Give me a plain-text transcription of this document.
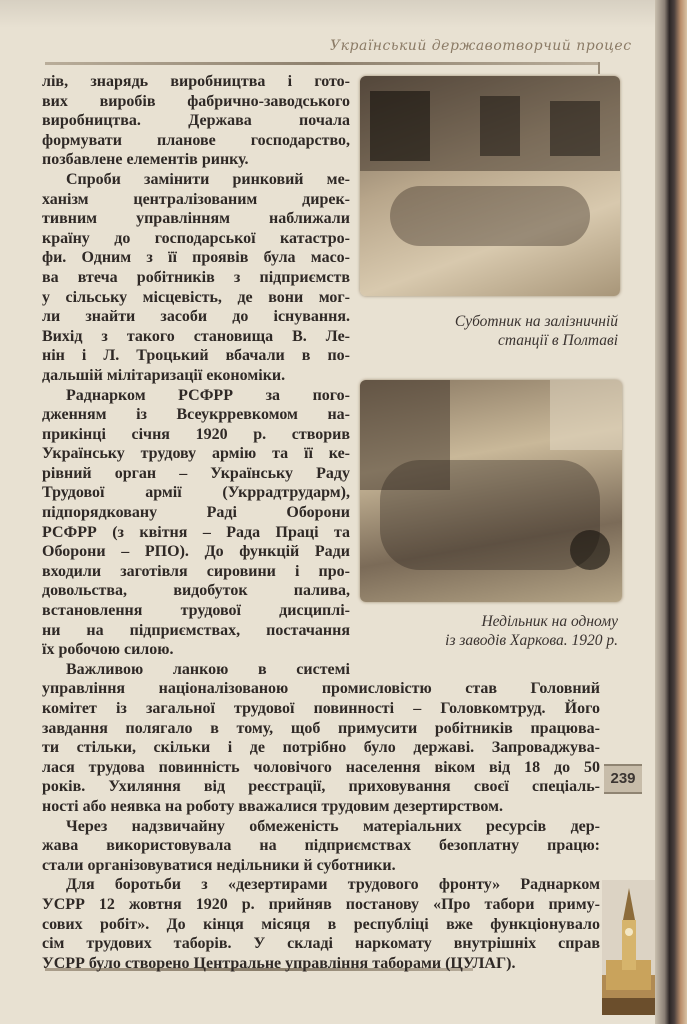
Український державотворчий процес
лів, знарядь виробництва і гото-
вих виробів фабрично-заводського
виробництва. Держава почала
формувати планове господарство,
позбавлене елементів ринку.
Спроби замінити ринковий ме-
ханізм централізованим дирек-
тивним управлінням наближали
країну до господарської катастро-
фи. Одним з її проявів була масо-
ва втеча робітників з підприємств
у сільську місцевість, де вони мог-
ли знайти засоби до існування.
Вихід з такого становища В. Ле-
нін і Л. Троцький вбачали в по-
дальшій мілітаризації економіки.
Раднарком РСФРР за пого-
дженням із Всеукрревкомом на-
прикінці січня 1920 р. створив
Українську трудову армію та її ке-
рівний орган – Українську Раду
Трудової армії (Укррадтрударм),
підпорядковану Раді Оборони
РСФРР (з квітня – Рада Праці та
Оборони – РПО). До функцій Ради
входили заготівля сировини і про-
довольства, видобуток палива,
встановлення трудової дисциплі-
ни на підприємствах, постачання
їх робочою силою.
Важливою ланкою в системі
управління націоналізованою промисловістю став Головний
комітет із загальної трудової повинності – Головкомтруд. Його
завдання полягало в тому, щоб примусити робітників працюва-
ти стільки, скільки і де потрібно було державі. Запроваджува-
лася трудова повинність чоловічого населення віком від 18 до 50
років. Ухиляння від реєстрації, приховування своєї спеціаль-
ності або неявка на роботу вважалися трудовим дезертирством.
Через надзвичайну обмеженість матеріальних ресурсів дер-
жава використовувала на підприємствах безоплатну працю:
стали організовуватися недільники й суботники.
Для боротьби з «дезертирами трудового фронту» Раднарком
УСРР 12 жовтня 1920 р. прийняв постанову «Про табори приму-
сових робіт». До кінця місяця в республіці вже функціонувало
сім трудових таборів. У складі наркомату внутрішніх справ
УСРР було створено Центральне управління таборами (ЦУЛАГ).
Суботник на залізничній
станції в Полтаві
Недільник на одному
із заводів Харкова. 1920 р.
239
